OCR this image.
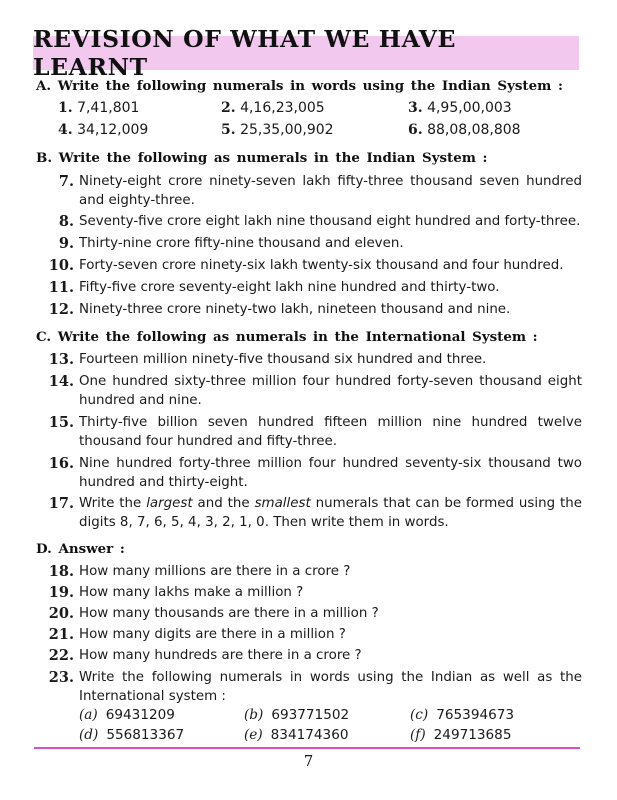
REVISION OF WHAT WE HAVE LEARNT
A. Write the following numerals in words using the Indian System :
1. 7,41,801	2. 4,16,23,005	3. 4,95,00,003
4. 34,12,009	5. 25,35,00,902	6. 88,08,08,808
B. Write the following as numerals in the Indian System :
7. Ninety-eight crore ninety-seven lakh fifty-three thousand seven hundred and eighty-three.
8. Seventy-five crore eight lakh nine thousand eight hundred and forty-three.
9. Thirty-nine crore fifty-nine thousand and eleven.
10. Forty-seven crore ninety-six lakh twenty-six thousand and four hundred.
11. Fifty-five crore seventy-eight lakh nine hundred and thirty-two.
12. Ninety-three crore ninety-two lakh, nineteen thousand and nine.
C. Write the following as numerals in the International System :
13. Fourteen million ninety-five thousand six hundred and three.
14. One hundred sixty-three million four hundred forty-seven thousand eight hundred and nine.
15. Thirty-five billion seven hundred fifteen million nine hundred twelve thousand four hundred and fifty-three.
16. Nine hundred forty-three million four hundred seventy-six thousand two hundred and thirty-eight.
17. Write the largest and the smallest numerals that can be formed using the digits 8, 7, 6, 5, 4, 3, 2, 1, 0. Then write them in words.
D. Answer :
18. How many millions are there in a crore ?
19. How many lakhs make a million ?
20. How many thousands are there in a million ?
21. How many digits are there in a million ?
22. How many hundreds are there in a crore ?
23. Write the following numerals in words using the Indian as well as the International system :
(a) 69431209	(b) 693771502	(c) 765394673
(d) 556813367	(e) 834174360	(f) 249713685
7
